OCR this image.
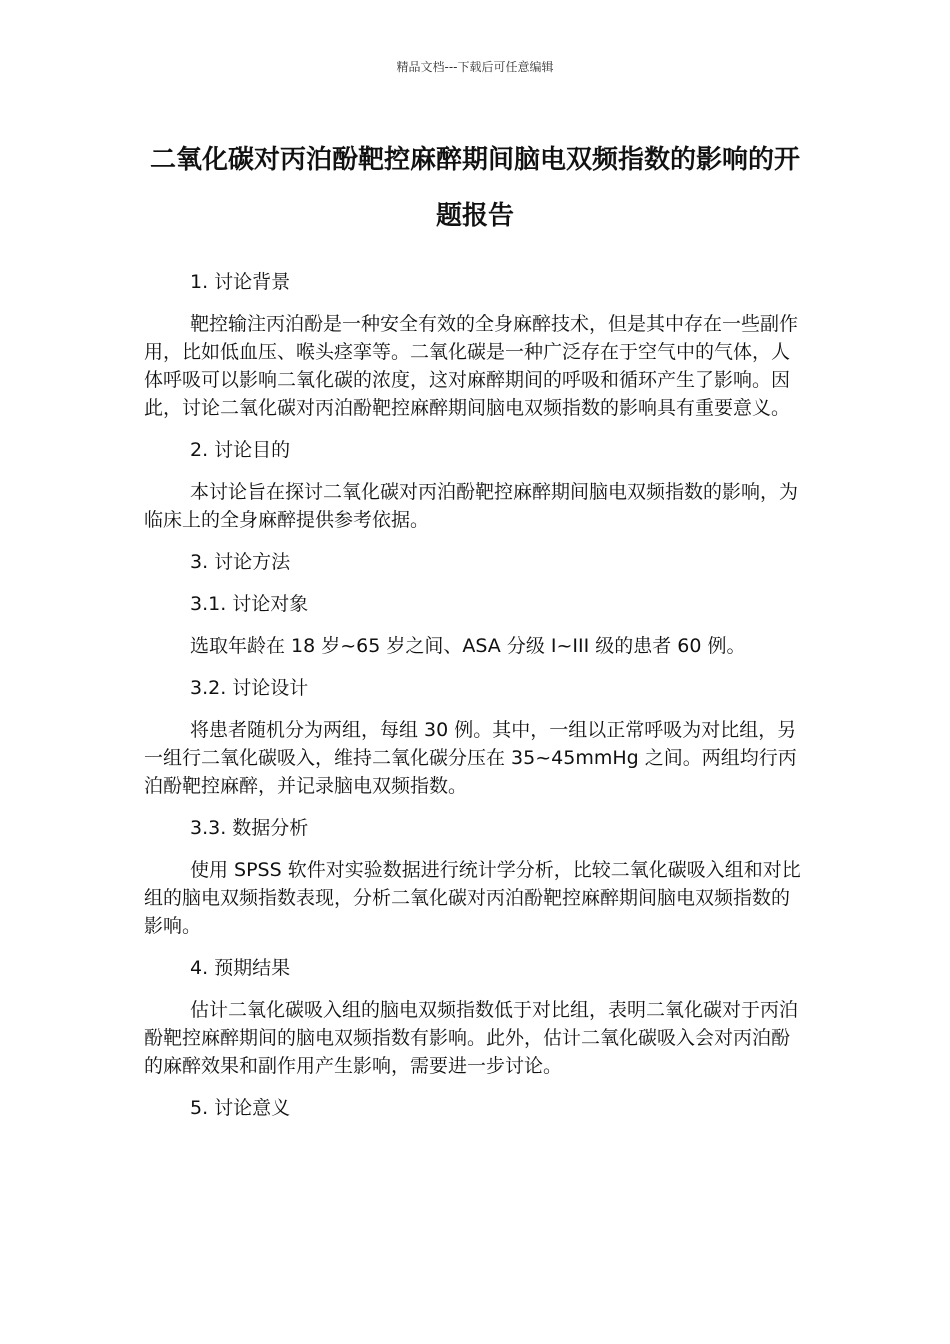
精品文档---下载后可任意编辑
二氧化碳对丙泊酚靶控麻醉期间脑电双频指数的影响的开题报告

1. 讨论背景

靶控输注丙泊酚是一种安全有效的全身麻醉技术，但是其中存在一些副作用，比如低血压、喉头痉挛等。二氧化碳是一种广泛存在于空气中的气体，人体呼吸可以影响二氧化碳的浓度，这对麻醉期间的呼吸和循环产生了影响。因此，讨论二氧化碳对丙泊酚靶控麻醉期间脑电双频指数的影响具有重要意义。

2. 讨论目的

本讨论旨在探讨二氧化碳对丙泊酚靶控麻醉期间脑电双频指数的影响，为临床上的全身麻醉提供参考依据。

3. 讨论方法

3.1. 讨论对象

选取年龄在 18 岁~65 岁之间、ASA 分级 I~III 级的患者 60 例。

3.2. 讨论设计

将患者随机分为两组，每组 30 例。其中，一组以正常呼吸为对比组，另一组行二氧化碳吸入，维持二氧化碳分压在 35~45mmHg 之间。两组均行丙泊酚靶控麻醉，并记录脑电双频指数。

3.3. 数据分析

使用 SPSS 软件对实验数据进行统计学分析，比较二氧化碳吸入组和对比组的脑电双频指数表现，分析二氧化碳对丙泊酚靶控麻醉期间脑电双频指数的影响。

4. 预期结果

估计二氧化碳吸入组的脑电双频指数低于对比组，表明二氧化碳对于丙泊酚靶控麻醉期间的脑电双频指数有影响。此外，估计二氧化碳吸入会对丙泊酚的麻醉效果和副作用产生影响，需要进一步讨论。

5. 讨论意义
